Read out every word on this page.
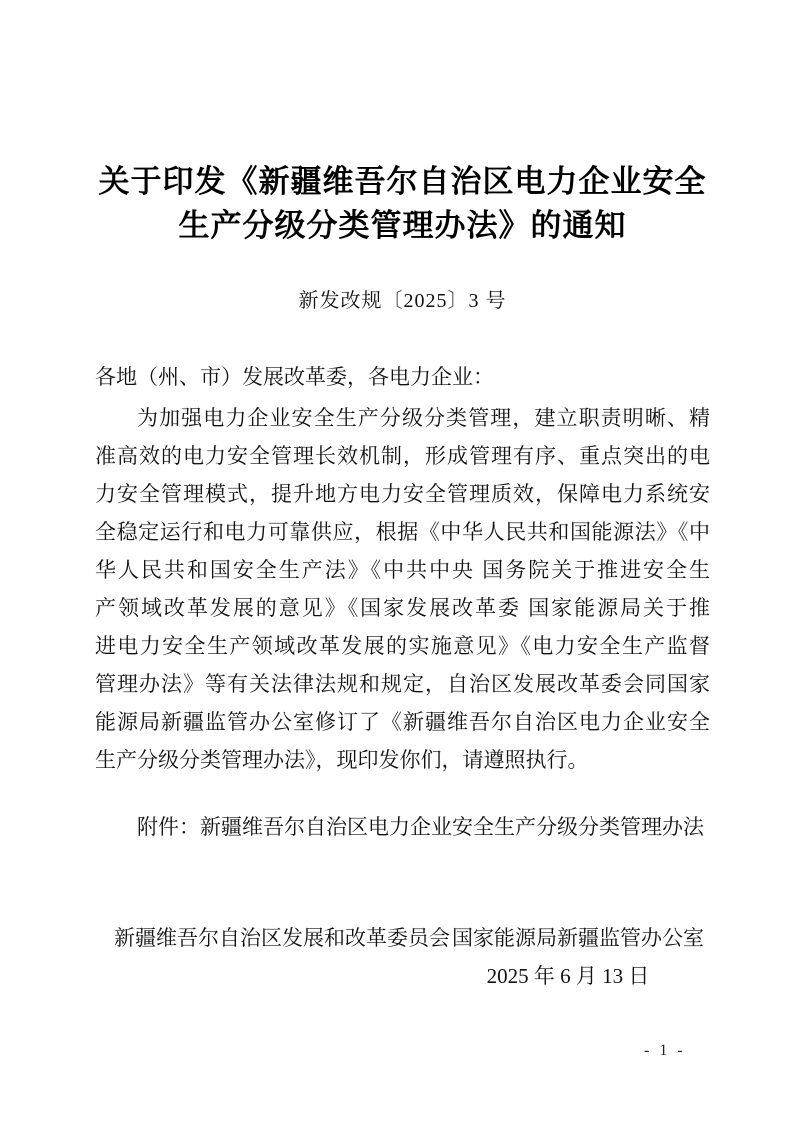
关于印发《新疆维吾尔自治区电力企业安全
生产分级分类管理办法》的通知
新发改规〔2025〕3 号
各地（州、市）发展改革委，各电力企业：
为加强电力企业安全生产分级分类管理，建立职责明晰、精
准高效的电力安全管理长效机制，形成管理有序、重点突出的电
力安全管理模式，提升地方电力安全管理质效，保障电力系统安
全稳定运行和电力可靠供应，根据《中华人民共和国能源法》《中
华人民共和国安全生产法》《中共中央 国务院关于推进安全生
产领域改革发展的意见》《国家发展改革委 国家能源局关于推
进电力安全生产领域改革发展的实施意见》《电力安全生产监督
管理办法》等有关法律法规和规定，自治区发展改革委会同国家
能源局新疆监管办公室修订了《新疆维吾尔自治区电力企业安全
生产分级分类管理办法》，现印发你们，请遵照执行。
附件：新疆维吾尔自治区电力企业安全生产分级分类管理办法
新疆维吾尔自治区发展和改革委员会 国家能源局新疆监管办公室
2025 年 6 月 13 日
- 1 -
